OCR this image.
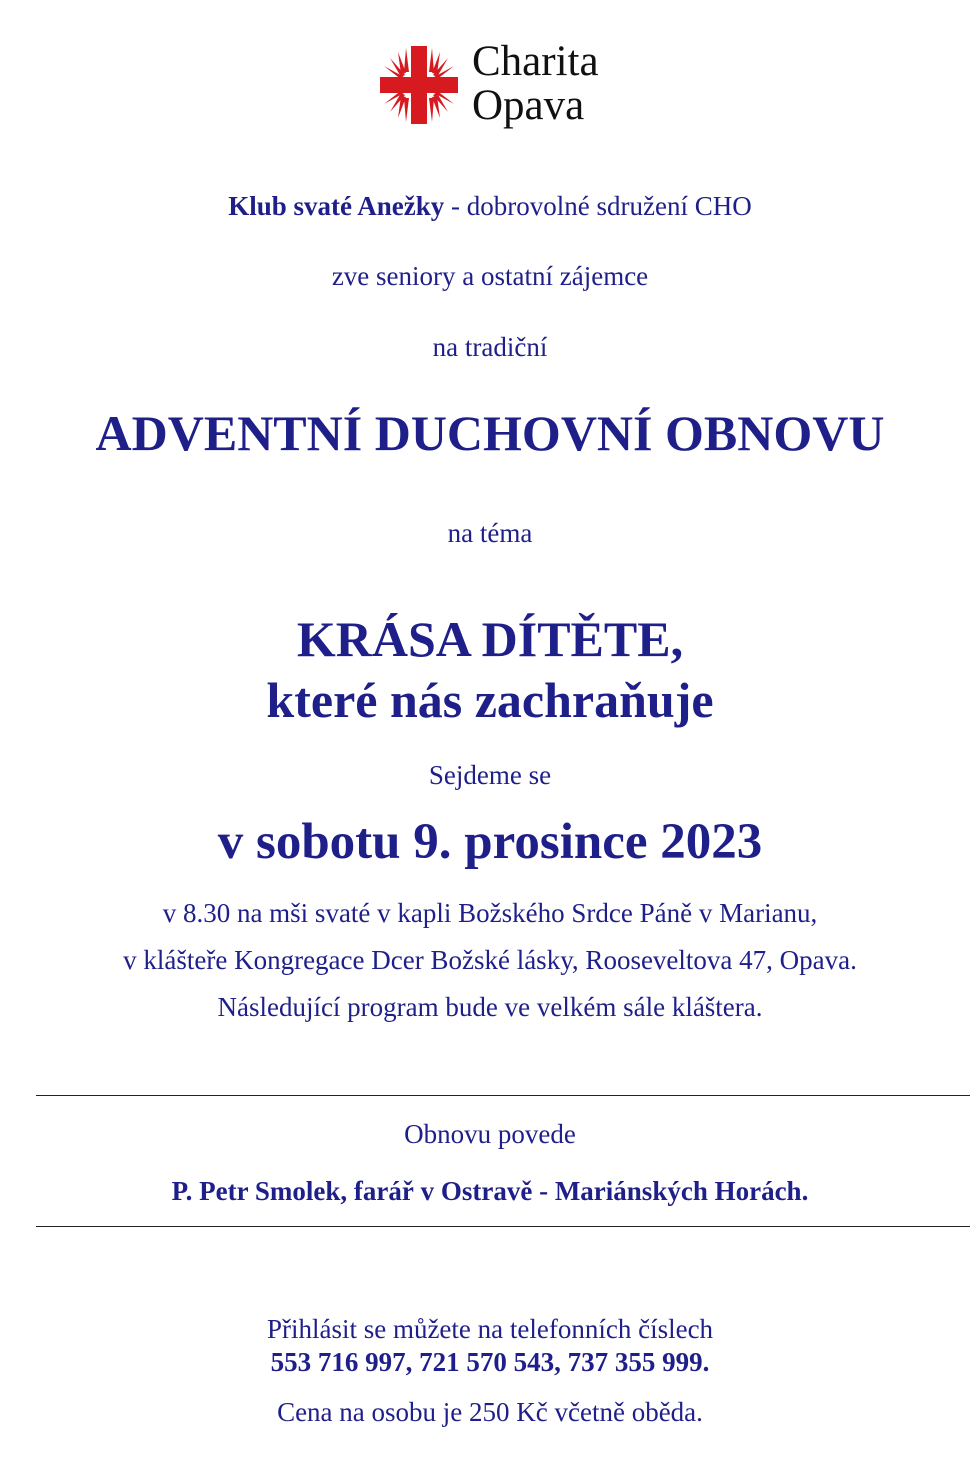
Charita
Opava
Klub svaté Anežky - dobrovolné sdružení CHO
zve seniory a ostatní zájemce
na tradiční
ADVENTNÍ DUCHOVNÍ OBNOVU
na téma
KRÁSA DÍTĚTE,
které nás zachraňuje
Sejdeme se
v sobotu 9. prosince 2023
v 8.30 na mši svaté v kapli Božského Srdce Páně v Marianu,
v klášteře Kongregace Dcer Božské lásky, Rooseveltova 47, Opava.
Následující program bude ve velkém sále kláštera.
Obnovu povede
P. Petr Smolek, farář v Ostravě - Mariánských Horách.
Přihlásit se můžete na telefonních číslech
553 716 997, 721 570 543, 737 355 999.
Cena na osobu je 250 Kč včetně oběda.
